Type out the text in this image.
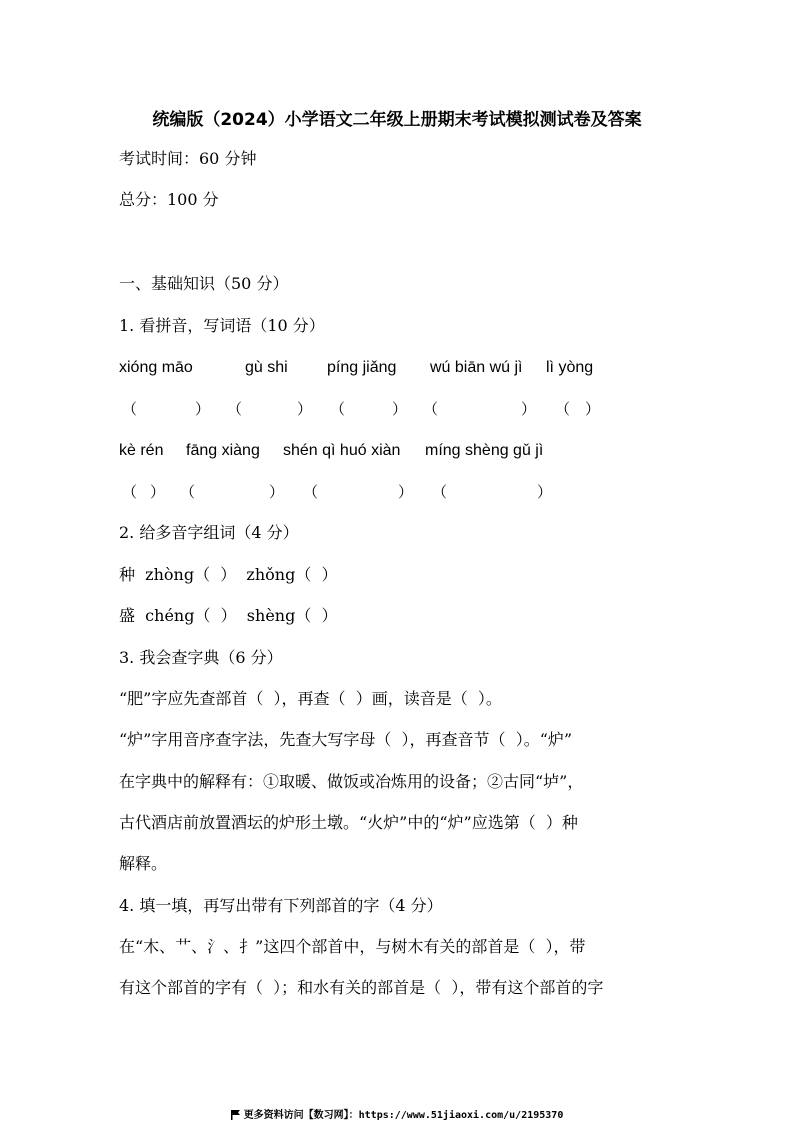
统编版（2024）小学语文二年级上册期末考试模拟测试卷及答案
考试时间：60 分钟
总分：100 分
一、基础知识（50 分）
1. 看拼音，写词语（10 分）
xióng māo	gù shi píng jiǎng wú biān wú jì lì yòng
（	） （	） （	） （	） （ ）
kè rén fāng xiàng shén qì huó xiàn míng shèng gǔ jì
（ ） （	） （	） （	）
2. 给多音字组词（4 分）
种  zhòng（  ）  zhǒng（  ）
盛  chéng（  ）  shèng（  ）
3. 我会查字典（6 分）
“肥”字应先查部首（  ），再查（  ）画，读音是（  ）。
“炉”字用音序查字法，先查大写字母（  ），再查音节（  ）。“炉”
在字典中的解释有：①取暖、做饭或冶炼用的设备；②古同“垆”，
古代酒店前放置酒坛的炉形土墩。“火炉”中的“炉”应选第（  ）种
解释。
4. 填一填，再写出带有下列部首的字（4 分）
在“木、艹、氵、扌”这四个部首中，与树木有关的部首是（  ），带
有这个部首的字有（  ）；和水有关的部首是（  ），带有这个部首的字
更多资料访问【数习网】：https://www.51jiaoxi.com/u/2195370
